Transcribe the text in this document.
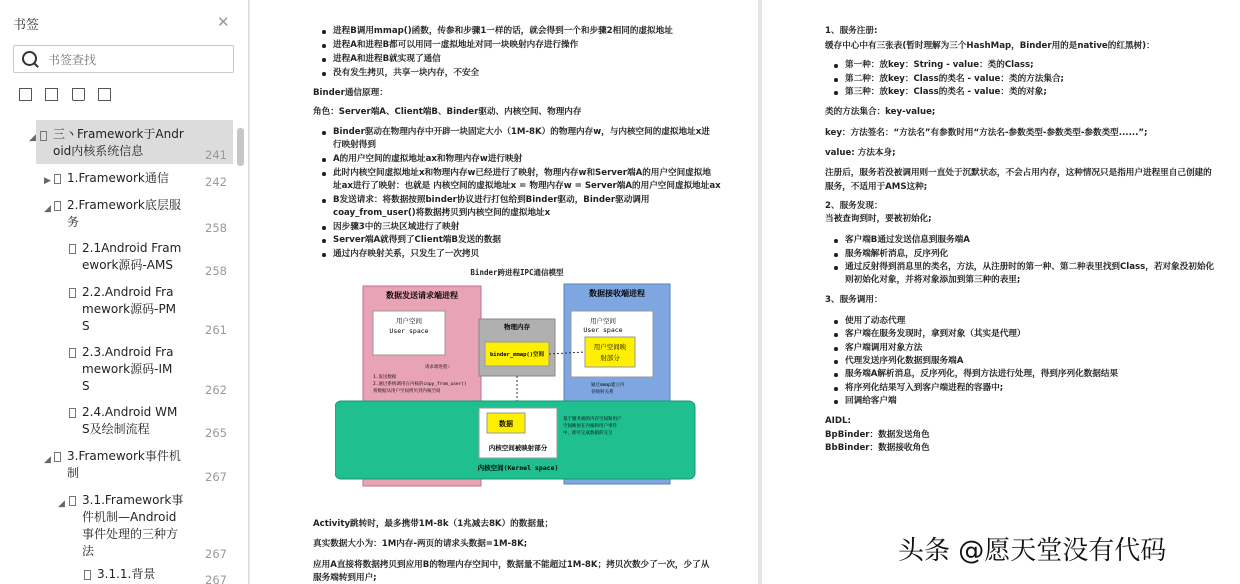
书签	✕
书签查找
◢ 三丶Framework于Andr
oid内核系统信息	241
▶ 1.Framework通信	242
◢ 2.Framework底层服
务	258
2.1Android Fram
ework源码-AMS	258
2.2.Android Fra
mework源码-PM
S	261
2.3.Android Fra
mework源码-IM
S	262
2.4.Android WM
S及绘制流程	265
◢ 3.Framework事件机
制	267
◢ 3.1.Framework事
件机制—Android
事件处理的三种方
法	267
3.1.1.背景	267
进程B调用mmap()函数，传参和步骤1一样的话，就会得到一个和步骤2相同的虚拟地址
进程A和进程B都可以用同一虚拟地址对同一块映射内存进行操作
进程A和进程B就实现了通信
没有发生拷贝，共享一块内存，不安全
Binder通信原理：
角色：Server端A、Client端B、Binder驱动、内核空间、物理内存
Binder驱动在物理内存中开辟一块固定大小（1M-8K）的物理内存w，与内核空间的虚拟地址x进
行映射得到
A的用户空间的虚拟地址ax和物理内存w进行映射
此时内核空间虚拟地址x和物理内存w已经进行了映射，物理内存w和Server端A的用户空间虚拟地
址ax进行了映射：也就是 内核空间的虚拟地址x = 物理内存w = Server端A的用户空间虚拟地址ax
B发送请求：将数据按照binder协议进行打包给到Binder驱动，Binder驱动调用
coay_from_user()将数据拷贝到内核空间的虚拟地址x
因步骤3中的三块区域进行了映射
Server端A就得到了Client端B发送的数据
通过内存映射关系，只发生了一次拷贝
Binder跨进程IPC通信模型
数据发送请求端进程	数据接收端进程
用户空间
User space
用户空间
User space
用户空间映
射部分
物理内存
binder_mmap()空间
请求端进程:
1.发送数据
2.通过系统调用在内核的copy_from_user()
将数据从用户空间拷贝到内核空间
通过mmap建立内
存映射关系
数据
内核空间被映射部分
基于服务端的内存空间和用户
空间映射在内核和用户事件
中，即可完成数据的交互
内核空间(Kernel space)
Activity跳转时，最多携带1M-8k（1兆减去8K）的数据量；
真实数据大小为：1M内存-两页的请求头数据=1M-8K;
应用A直接将数据拷贝到应用B的物理内存空间中，数据量不能超过1M-8K；拷贝次数少了一次，少了从
服务端转到用户;
1、服务注册:
缓存中心中有三张表(暂时理解为三个HashMap，Binder用的是native的红黑树)：
第一种：放key：String - value：类的Class;
第二种：放key：Class的类名 - value：类的方法集合;
第三种：放key：Class的类名 - value：类的对象;
类的方法集合：key-value;
key：方法签名：“方法名”有参数时用“方法名-参数类型-参数类型-参数类型......”;
value: 方法本身;
注册后，服务若没被调用则一直处于沉默状态，不会占用内存，这种情况只是指用户进程里自己创建的
服务，不适用于AMS这种;
2、服务发现：
当被查询到时，要被初始化;
客户端B通过发送信息到服务端A
服务端解析消息，反序列化
通过反射得到消息里的类名，方法，从注册时的第一种、第二种表里找到Class，若对象没初始化
则初始化对象，并将对象添加到第三种的表里;
3、服务调用：
使用了动态代理
客户端在服务发现时，拿到对象（其实是代理）
客户端调用对象方法
代理发送序列化数据到服务端A
服务端A解析消息，反序列化，得到方法进行处理，得到序列化数据结果
将序列化结果写入到客户端进程的容器中;
回调给客户端
AIDL:
BpBinder：数据发送角色
BbBinder：数据接收角色
头条 @愿天堂没有代码
